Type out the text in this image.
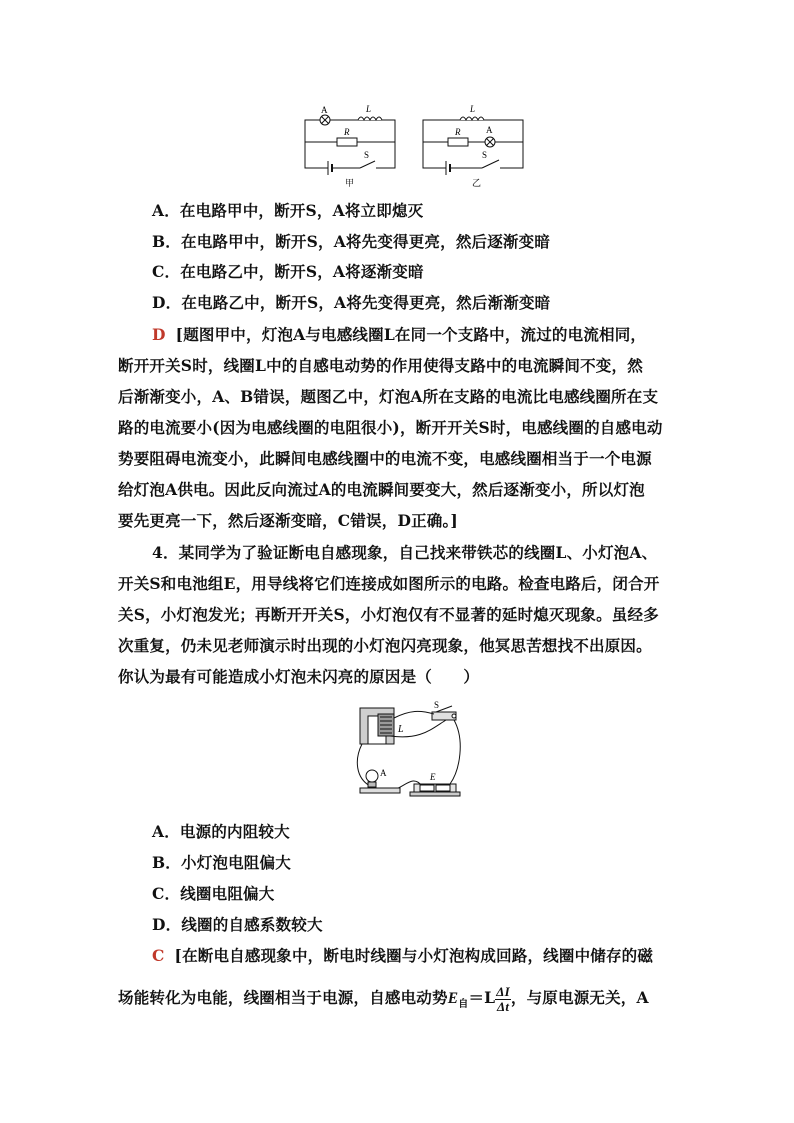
A	L
R
S
甲
L
R	A
S
乙
A．在电路甲中，断开S，A将立即熄灭
B．在电路甲中，断开S，A将先变得更亮，然后逐渐变暗
C．在电路乙中，断开S，A将逐渐变暗
D．在电路乙中，断开S，A将先变得更亮，然后渐渐变暗
D [题图甲中，灯泡A与电感线圈L在同一个支路中，流过的电流相同，
断开开关S时，线圈L中的自感电动势的作用使得支路中的电流瞬间不变，然
后渐渐变小，A、B错误，题图乙中，灯泡A所在支路的电流比电感线圈所在支
路的电流要小(因为电感线圈的电阻很小)，断开开关S时，电感线圈的自感电动
势要阻碍电流变小，此瞬间电感线圈中的电流不变，电感线圈相当于一个电源
给灯泡A供电。因此反向流过A的电流瞬间要变大，然后逐渐变小，所以灯泡
要先更亮一下，然后逐渐变暗，C错误，D正确。]
4．某同学为了验证断电自感现象，自己找来带铁芯的线圈L、小灯泡A、
开关S和电池组E，用导线将它们连接成如图所示的电路。检查电路后，闭合开
关S，小灯泡发光；再断开开关S，小灯泡仅有不显著的延时熄灭现象。虽经多
次重复，仍未见老师演示时出现的小灯泡闪亮现象，他冥思苦想找不出原因。
你认为最有可能造成小灯泡未闪亮的原因是（　　）
L
S
A	E
A．电源的内阻较大
B．小灯泡电阻偏大
C．线圈电阻偏大
D．线圈的自感系数较大
C [在断电自感现象中，断电时线圈与小灯泡构成回路，线圈中储存的磁
场能转化为电能，线圈相当于电源，自感电动势$E_自=L \frac{\Delta I}{\Delta t}$ ，与原电源无关，A
